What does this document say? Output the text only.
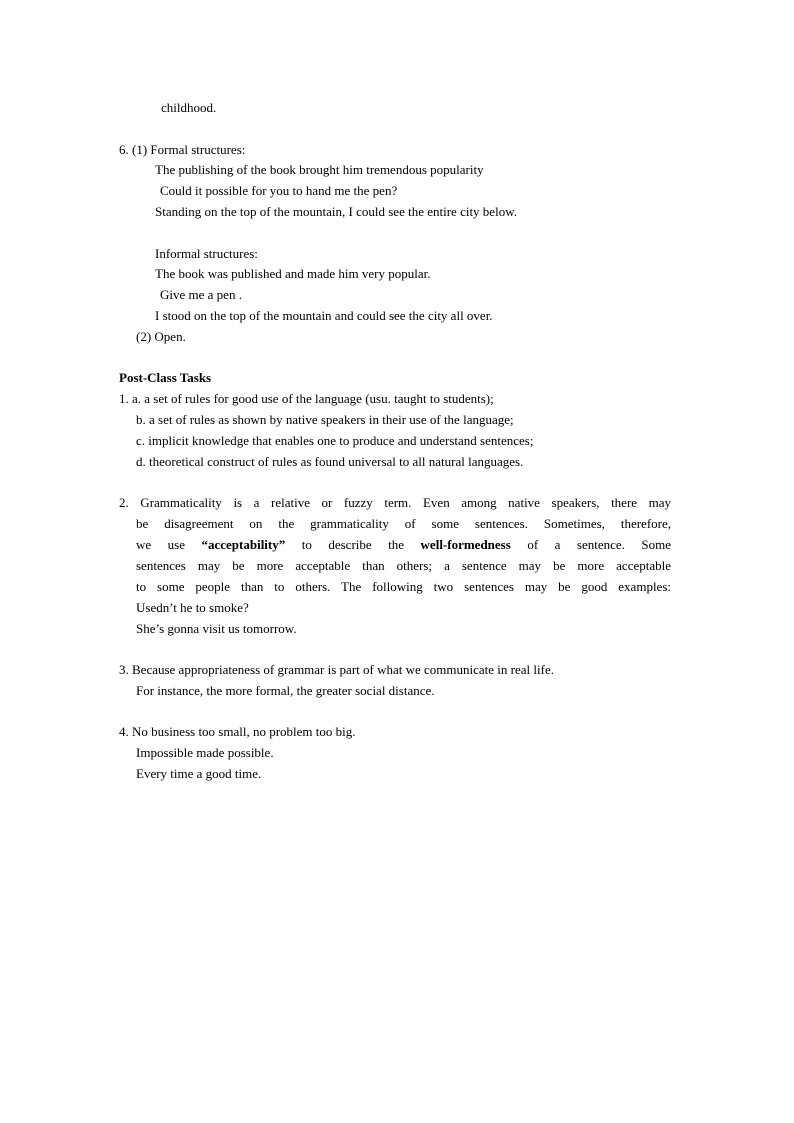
childhood.
6. (1) Formal structures:
The publishing of the book brought him tremendous popularity
Could it possible for you to hand me the pen?
Standing on the top of the mountain, I could see the entire city below.
Informal structures:
The book was published and made him very popular.
Give me a pen .
I stood on the top of the mountain and could see the city all over.
(2) Open.
Post-Class Tasks
1. a. a set of rules for good use of the language (usu. taught to students);
b. a set of rules as shown by native speakers in their use of the language;
c. implicit knowledge that enables one to produce and understand sentences;
d. theoretical construct of rules as found universal to all natural languages.
2. Grammaticality is a relative or fuzzy term. Even among native speakers, there may
be disagreement on the grammaticality of some sentences. Sometimes, therefore,
we use “acceptability” to describe the well-formedness of a sentence. Some
sentences may be more acceptable than others; a sentence may be more acceptable
to some people than to others. The following two sentences may be good examples:
Usedn’t he to smoke?
She’s gonna visit us tomorrow.
3. Because appropriateness of grammar is part of what we communicate in real life.
For instance, the more formal, the greater social distance.
4. No business too small, no problem too big.
Impossible made possible.
Every time a good time.
